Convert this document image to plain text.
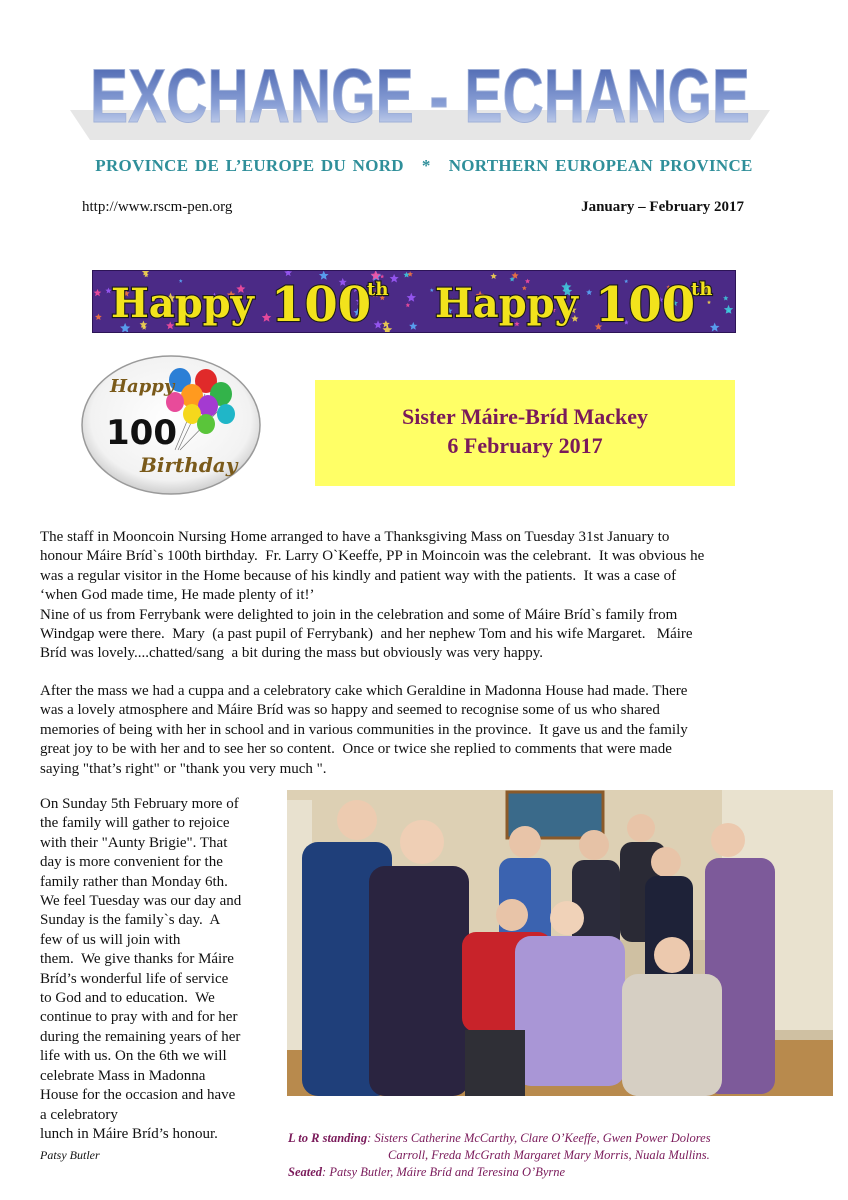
EXCHANGE - ECHANGE
PROVINCE DE L’EUROPE DU NORD * NORTHERN EUROPEAN PROVINCE
http://www.rscm-pen.org	January – February 2017
Happy 100
th Happy 100
th
Happy
100
Birthday
Sister Máire-Bríd Mackey
6 February 2017
The staff in Mooncoin Nursing Home arranged to have a Thanksgiving Mass on Tuesday 31st January to
honour Máire Bríd`s 100th birthday.  Fr. Larry O`Keeffe, PP in Moincoin was the celebrant.  It was obvious he
was a regular visitor in the Home because of his kindly and patient way with the patients.  It was a case of
‘when God made time, He made plenty of it!’
Nine of us from Ferrybank were delighted to join in the celebration and some of Máire Bríd`s family from
Windgap were there.  Mary  (a past pupil of Ferrybank)  and her nephew Tom and his wife Margaret.   Máire
Bríd was lovely....chatted/sang  a bit during the mass but obviously was very happy.
After the mass we had a cuppa and a celebratory cake which Geraldine in Madonna House had made. There
was a lovely atmosphere and Máire Bríd was so happy and seemed to recognise some of us who shared
memories of being with her in school and in various communities in the province.  It gave us and the family
great joy to be with her and to see her so content.  Once or twice she replied to comments that were made
saying "that’s right" or "thank you very much ".
On Sunday 5th February more of
the family will gather to rejoice
with their "Aunty Brigie". That
day is more convenient for the
family rather than Monday 6th.
We feel Tuesday was our day and
Sunday is the family`s day.  A
few of us will join with
them.  We give thanks for Máire
Bríd’s wonderful life of service
to God and to education.  We
continue to pray with and for her
during the remaining years of her
life with us. On the 6th we will
celebrate Mass in Madonna
House for the occasion and have
a celebratory
lunch in Máire Bríd’s honour.
Patsy Butler
L to R standing: Sisters Catherine McCarthy, Clare O’Keeffe, Gwen Power Dolores
Carroll, Freda McGrath Margaret Mary Morris, Nuala Mullins.
Seated: Patsy Butler, Máire Bríd and Teresina O’Byrne
